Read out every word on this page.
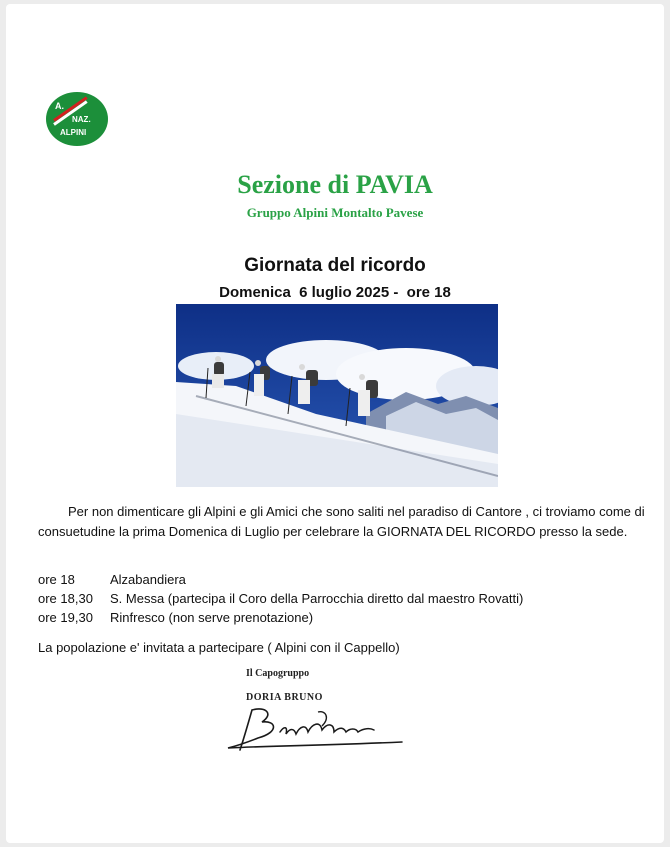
A.
NAZ.
ALPINI
Sezione di PAVIA
Gruppo Alpini Montalto Pavese
Giornata del ricordo
Domenica  6 luglio 2025 -  ore 18
Per non dimenticare gli Alpini e gli Amici che sono saliti nel paradiso di Cantore , ci troviamo come di consuetudine la prima Domenica di Luglio per celebrare la GIORNATA DEL RICORDO presso la sede.
ore 18	Alzabandiera
ore 18,30	S. Messa (partecipa il Coro della Parrocchia diretto dal maestro Rovatti)
ore 19,30	Rinfresco (non serve prenotazione)
La popolazione e' invitata a partecipare ( Alpini con il Cappello)
Il Capogruppo
DORIA BRUNO
